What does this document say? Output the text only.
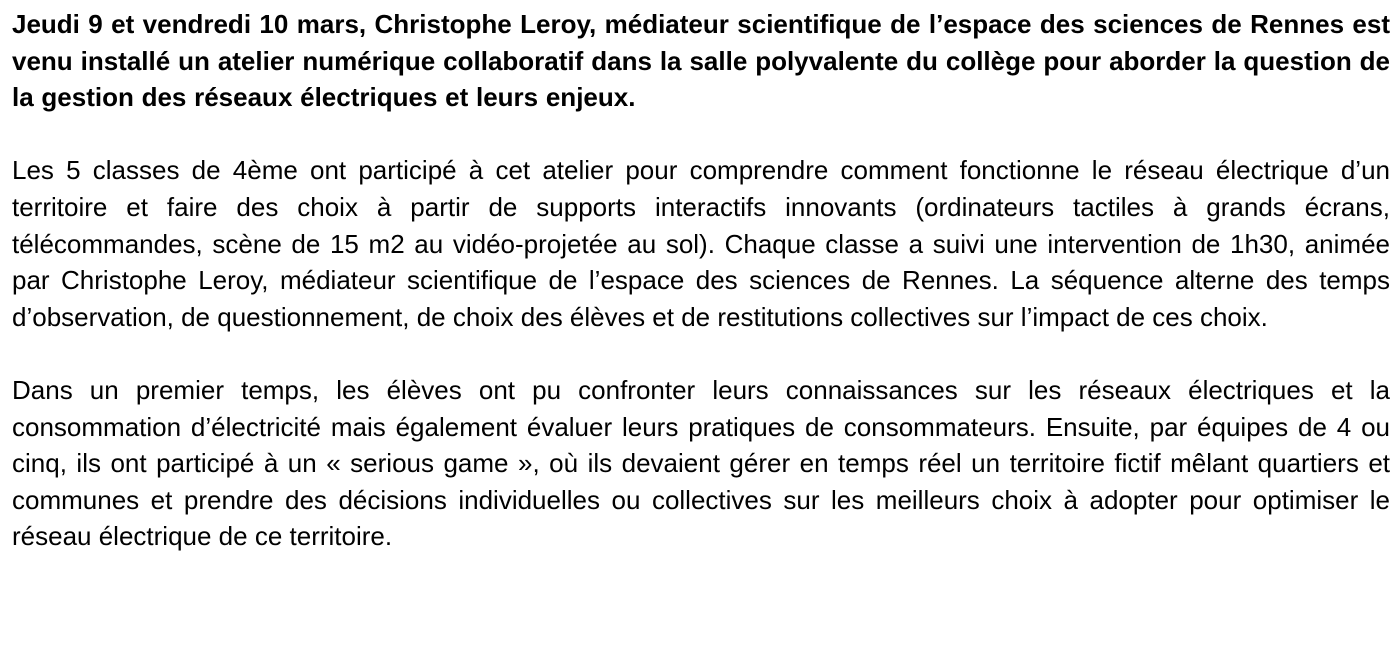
Jeudi 9 et vendredi 10 mars, Christophe Leroy, médiateur scientifique de l’espace des sciences de Rennes est venu installé un atelier numérique collaboratif dans la salle polyvalente du collège pour aborder la question de la gestion des réseaux électriques et leurs enjeux.

Les 5 classes de 4ème ont participé à cet atelier pour comprendre comment fonctionne le réseau électrique d’un territoire et faire des choix à partir de supports interactifs innovants (ordinateurs tactiles à grands écrans, télécommandes, scène de 15 m2 au vidéo-projetée au sol). Chaque classe a suivi une intervention de 1h30, animée par Christophe Leroy, médiateur scientifique de l’espace des sciences de Rennes. La séquence alterne des temps d’observation, de questionnement, de choix des élèves et de restitutions collectives sur l’impact de ces choix.

Dans un premier temps, les élèves ont pu confronter leurs connaissances sur les réseaux électriques et la consommation d’électricité mais également évaluer leurs pratiques de consommateurs. Ensuite, par équipes de 4 ou cinq, ils ont participé à un « serious game », où ils devaient gérer en temps réel un territoire fictif mêlant quartiers et communes et prendre des décisions individuelles ou collectives sur les meilleurs choix à adopter pour optimiser le réseau électrique de ce territoire.
